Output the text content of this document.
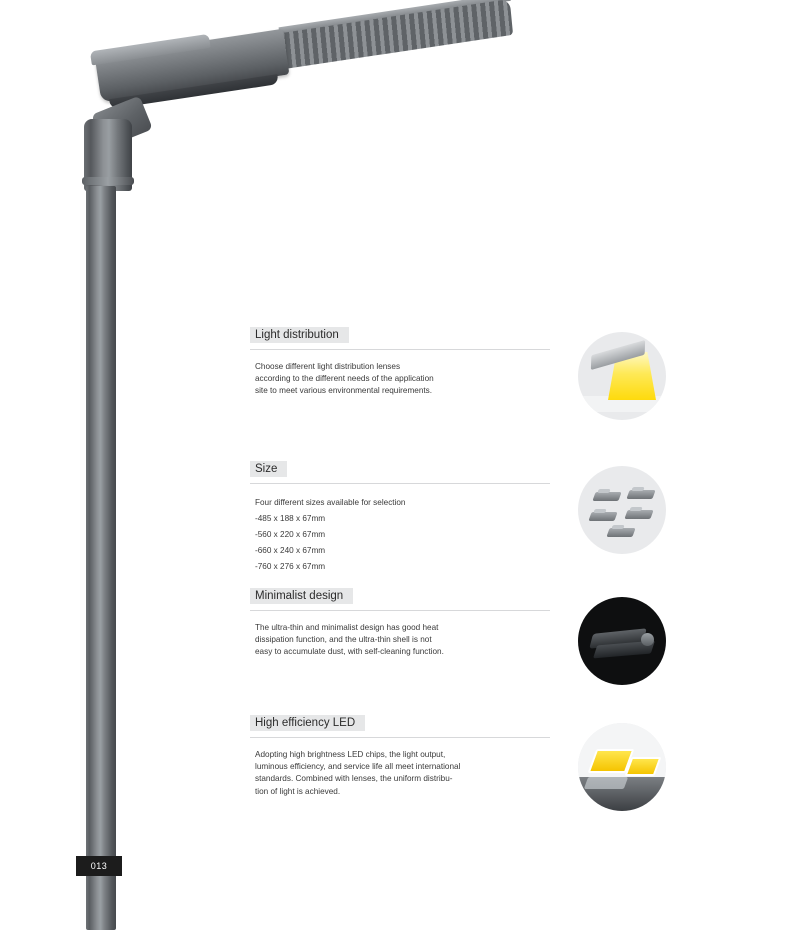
013
Light distribution
Choose different light distribution lenses
according to the different needs of the application
site to meet various environmental requirements.
Size
Four different sizes available for selection
-485 x 188 x 67mm
-560 x 220 x 67mm
-660 x 240 x 67mm
-760 x 276 x 67mm
Minimalist design
The ultra-thin and minimalist design has good heat
dissipation function, and the ultra-thin shell is not
easy to accumulate dust, with self-cleaning function.
High efficiency LED
Adopting high brightness LED chips, the light output,
luminous efficiency, and service life all meet international
standards. Combined with lenses, the uniform distribu-
tion of light is achieved.
